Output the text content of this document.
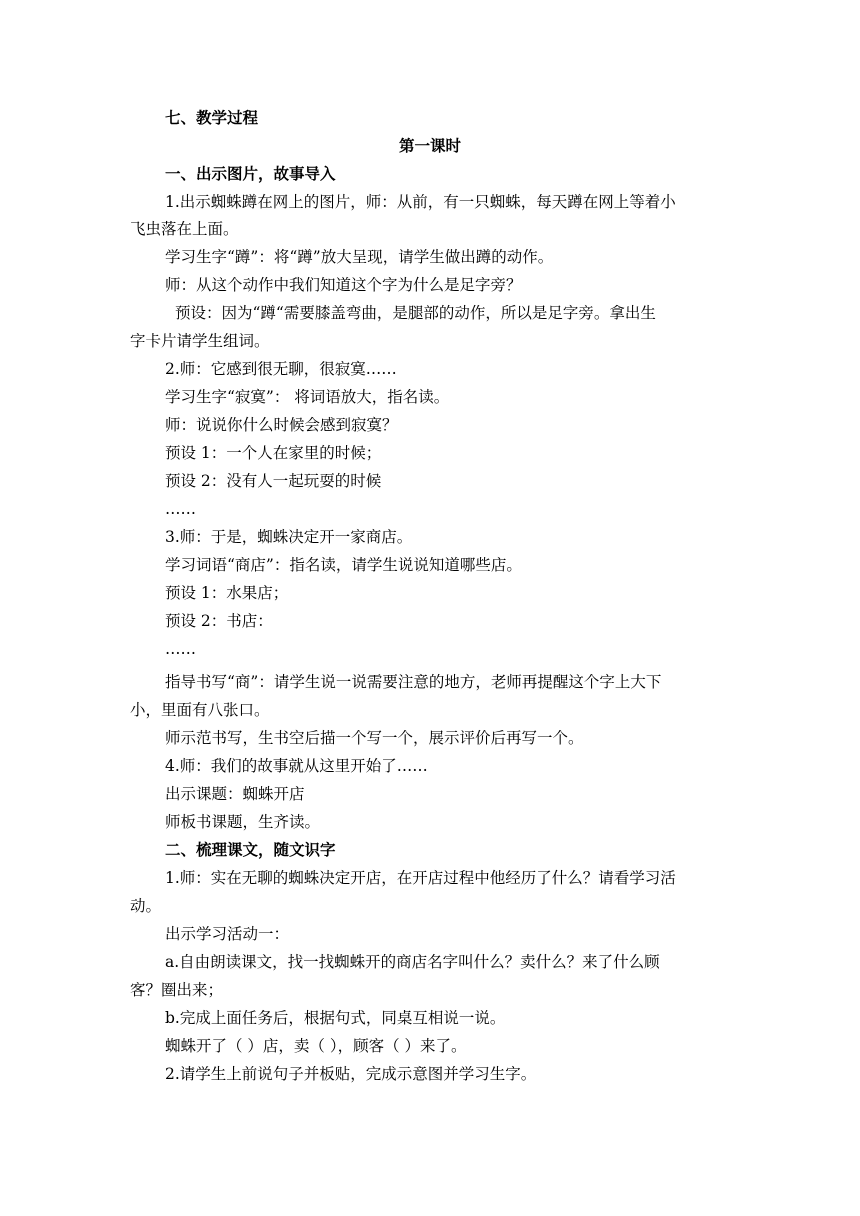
七、教学过程
第一课时
一、出示图片，故事导入
1.出示蜘蛛蹲在网上的图片，师：从前，有一只蜘蛛，每天蹲在网上等着小
飞虫落在上面。
学习生字“蹲”：将“蹲”放大呈现，请学生做出蹲的动作。
师：从这个动作中我们知道这个字为什么是足字旁？
预设：因为“蹲“需要膝盖弯曲，是腿部的动作，所以是足字旁。拿出生
字卡片请学生组词。
2.师：它感到很无聊，很寂寞……
学习生字“寂寞”： 将词语放大，指名读。
师：说说你什么时候会感到寂寞？
预设 1：一个人在家里的时候；
预设 2：没有人一起玩耍的时候
……
3.师：于是，蜘蛛决定开一家商店。
学习词语“商店”：指名读，请学生说说知道哪些店。
预设 1：水果店；
预设 2：书店：
……
指导书写“商”：请学生说一说需要注意的地方，老师再提醒这个字上大下
小，里面有八张口。
师示范书写，生书空后描一个写一个，展示评价后再写一个。
4.师：我们的故事就从这里开始了……
出示课题：蜘蛛开店
师板书课题，生齐读。
二、梳理课文，随文识字
1.师：实在无聊的蜘蛛决定开店，在开店过程中他经历了什么？请看学习活
动。
出示学习活动一：
a.自由朗读课文，找一找蜘蛛开的商店名字叫什么？卖什么？来了什么顾
客？圈出来；
b.完成上面任务后，根据句式，同桌互相说一说。
蜘蛛开了（ ）店，卖（ ），顾客（ ）来了。
2.请学生上前说句子并板贴，完成示意图并学习生字。
